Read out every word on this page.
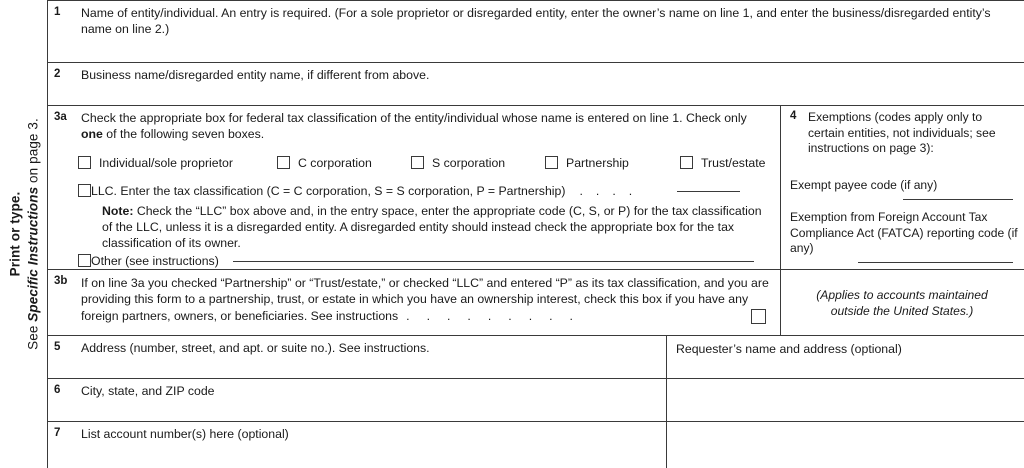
Print or type.
See Specific Instructions on page 3.
1	Name of entity/individual. An entry is required. (For a sole proprietor or disregarded entity, enter the owner’s name on line 1, and enter the business/disregarded entity’s name on line 2.)
2	Business name/disregarded entity name, if different from above.
3a	Check the appropriate box for federal tax classification of the entity/individual whose name is entered on line 1. Check only one of the following seven boxes.
Individual/sole proprietor	C corporation	S corporation	Partnership	Trust/estate
LLC. Enter the tax classification (C = C corporation, S = S corporation, P = Partnership) . . . .
Note: Check the “LLC” box above and, in the entry space, enter the appropriate code (C, S, or P) for the tax classification of the LLC, unless it is a disregarded entity. A disregarded entity should instead check the appropriate box for the tax classification of its owner.
Other (see instructions)
4 Exemptions (codes apply only to certain entities, not individuals; see instructions on page 3):
Exempt payee code (if any)
Exemption from Foreign Account Tax Compliance Act (FATCA) reporting code (if any)
3b	If on line 3a you checked “Partnership” or “Trust/estate,” or checked “LLC” and entered “P” as its tax classification, and you are providing this form to a partnership, trust, or estate in which you have an ownership interest, check this box if you have any foreign partners, owners, or beneficiaries. See instructions . . . . . . . . .
(Applies to accounts maintained
outside the United States.)
5	Address (number, street, and apt. or suite no.). See instructions.
6	City, state, and ZIP code
7	List account number(s) here (optional)
Requester’s name and address (optional)
